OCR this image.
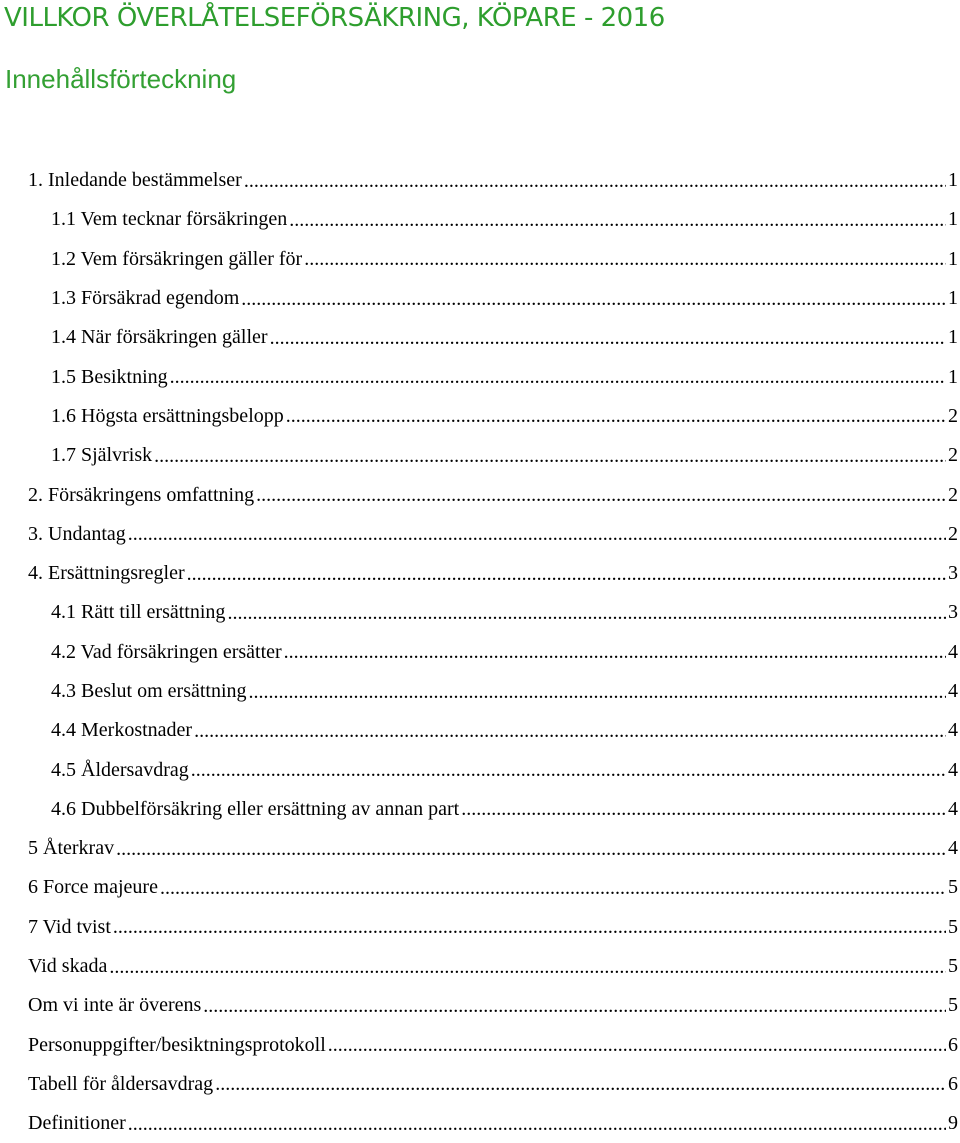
VILLKOR ÖVERLÅTELSEFÖRSÄKRING, KÖPARE - 2016
Innehållsförteckning
1. Inledande bestämmelser .....	1
1.1 Vem tecknar försäkringen .....	1
1.2 Vem försäkringen gäller för .....	1
1.3 Försäkrad egendom .....	1
1.4 När försäkringen gäller .....	1
1.5 Besiktning .....	1
1.6 Högsta ersättningsbelopp .....	2
1.7 Självrisk .....	2
2. Försäkringens omfattning .....	2
3. Undantag .....	2
4. Ersättningsregler .....	3
4.1 Rätt till ersättning .....	3
4.2 Vad försäkringen ersätter .....	4
4.3 Beslut om ersättning .....	4
4.4 Merkostnader .....	4
4.5 Åldersavdrag .....	4
4.6 Dubbelförsäkring eller ersättning av annan part .....	4
5 Återkrav .....	4
6 Force majeure .....	5
7 Vid tvist .....	5
Vid skada .....	5
Om vi inte är överens .....	5
Personuppgifter/besiktningsprotokoll .....	6
Tabell för åldersavdrag .....	6
Definitioner .....	9
